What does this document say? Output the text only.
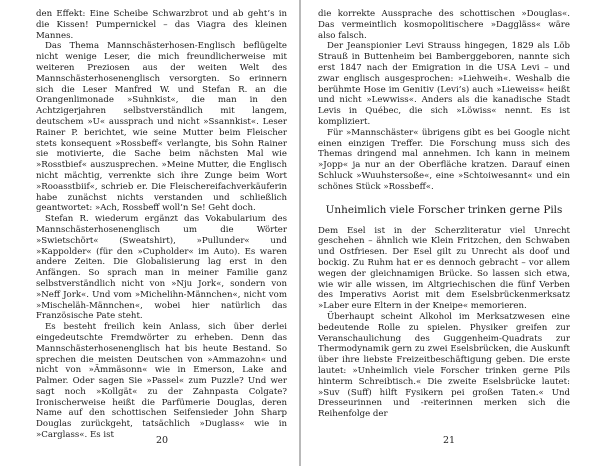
den Effekt: Eine Scheibe Schwarzbrot und ab geht’s in die Kissen! Pumpernickel – das Viagra des kleinen Mannes.

Das Thema Mannschästerhosen-Englisch beflügelte nicht wenige Leser, die mich freundlicherweise mit weiteren Preziosen aus der weiten Welt des Mannschästerhosenenglisch versorgten. So erinnern sich die Leser Manfred W. und Stefan R. an die Orangenlimonade »Suhnkist«, die man in den Achtzigerjahren selbstverständlich mit langem, deutschem »U« aussprach und nicht »Ssannkist«. Leser Rainer P. berichtet, wie seine Mutter beim Fleischer stets konsequent »Rossbeff« verlangte, bis Sohn Rainer sie motivierte, die Sache beim nächsten Mal wie »Rosstbief« auszusprechen. »Meine Mutter, die Englisch nicht mächtig, verrenkte sich ihre Zunge beim Wort »Rooasstbiif«, schrieb er. Die Fleischereifachverkäuferin habe zunächst nichts verstanden und schließlich geantwortet: »Ach, Rossbeff woll’n Se! Geht doch.

Stefan R. wiederum ergänzt das Vokabularium des Mannschästerhosenenglisch um die Wörter »Swietschört« (Sweatshirt), »Pullunder« und »Kappolder« (für den »Cupholder« im Auto). Es waren andere Zeiten. Die Globalisierung lag erst in den Anfängen. So sprach man in meiner Familie ganz selbstverständlich nicht von »Nju Jork«, sondern von »Neff Jork«. Und vom »Michelihn-Männchen«, nicht vom »Mischeläh-Männchen«, wobei hier natürlich das Französische Pate steht.

Es besteht freilich kein Anlass, sich über derlei eingedeutschte Fremdwörter zu erheben. Denn das Mannschästerhosenenglisch hat bis heute Bestand. So sprechen die meisten Deutschen von »Ammazohn« und nicht von »Ämmäsonn« wie in Emerson, Lake and Palmer. Oder sagen Sie »Passel« zum Puzzle? Und wer sagt noch »Kollgät« zu der Zahnpasta Colgate? Ironischerweise heißt die Parfümerie Douglas, deren Name auf den schottischen Seifensieder John Sharp Douglas zurückgeht, tatsächlich »Duglass« wie in »Carglass«. Es ist	20

die korrekte Aussprache des schottischen »Douglas«. Das vermeintlich kosmopolitischere »Daggläss« wäre also falsch.

Der Jeanspionier Levi Strauss hingegen, 1829 als Löb Strauß in Buttenheim bei Bamberggeboren, nannte sich erst 1847 nach der Emigration in die USA Levi – und zwar englisch ausgesprochen: »Liehweih«. Weshalb die berühmte Hose im Genitiv (Levi’s) auch »Lieweiss« heißt und nicht »Lewwiss«. Anders als die kanadische Stadt Levis in Québec, die sich »Löwiss« nennt. Es ist kompliziert.

Für »Mannschäster« übrigens gibt es bei Google nicht einen einzigen Treffer. Die Forschung muss sich des Themas dringend mal annehmen. Ich kann in meinem »Jopp« ja nur an der Oberfläche kratzen. Darauf einen Schluck »Wuuhstersoße«, eine »Schtoiwesannt« und ein schönes Stück »Rossbeff«.

Unheimlich viele Forscher trinken gerne Pils

Dem Esel ist in der Scherzliteratur viel Unrecht geschehen – ähnlich wie Klein Fritzchen, den Schwaben und Ostfriesen. Der Esel gilt zu Unrecht als doof und bockig. Zu Ruhm hat er es dennoch gebracht – vor allem wegen der gleichnamigen Brücke. So lassen sich etwa, wie wir alle wissen, im Altgriechischen die fünf Verben des Imperativs Aorist mit dem Eselsbrückenmerksatz »Laber eure Eltern in der Kneipe« memorieren.

Überhaupt scheint Alkohol im Merksatzwesen eine bedeutende Rolle zu spielen. Physiker greifen zur Veranschaulichung des Guggenheim-Quadrats zur Thermodynamik gern zu zwei Eselsbrücken, die Auskunft über ihre liebste Freizeitbeschäftigung geben. Die erste lautet: »Unheimlich viele Forscher trinken gerne Pils hinterm Schreibtisch.« Die zweite Eselsbrücke lautet: »Suv (Suff) hilft Fysikern pei großen Taten.« Und Dresseurinnen und -reiterinnen merken sich die Reihenfolge der

21
